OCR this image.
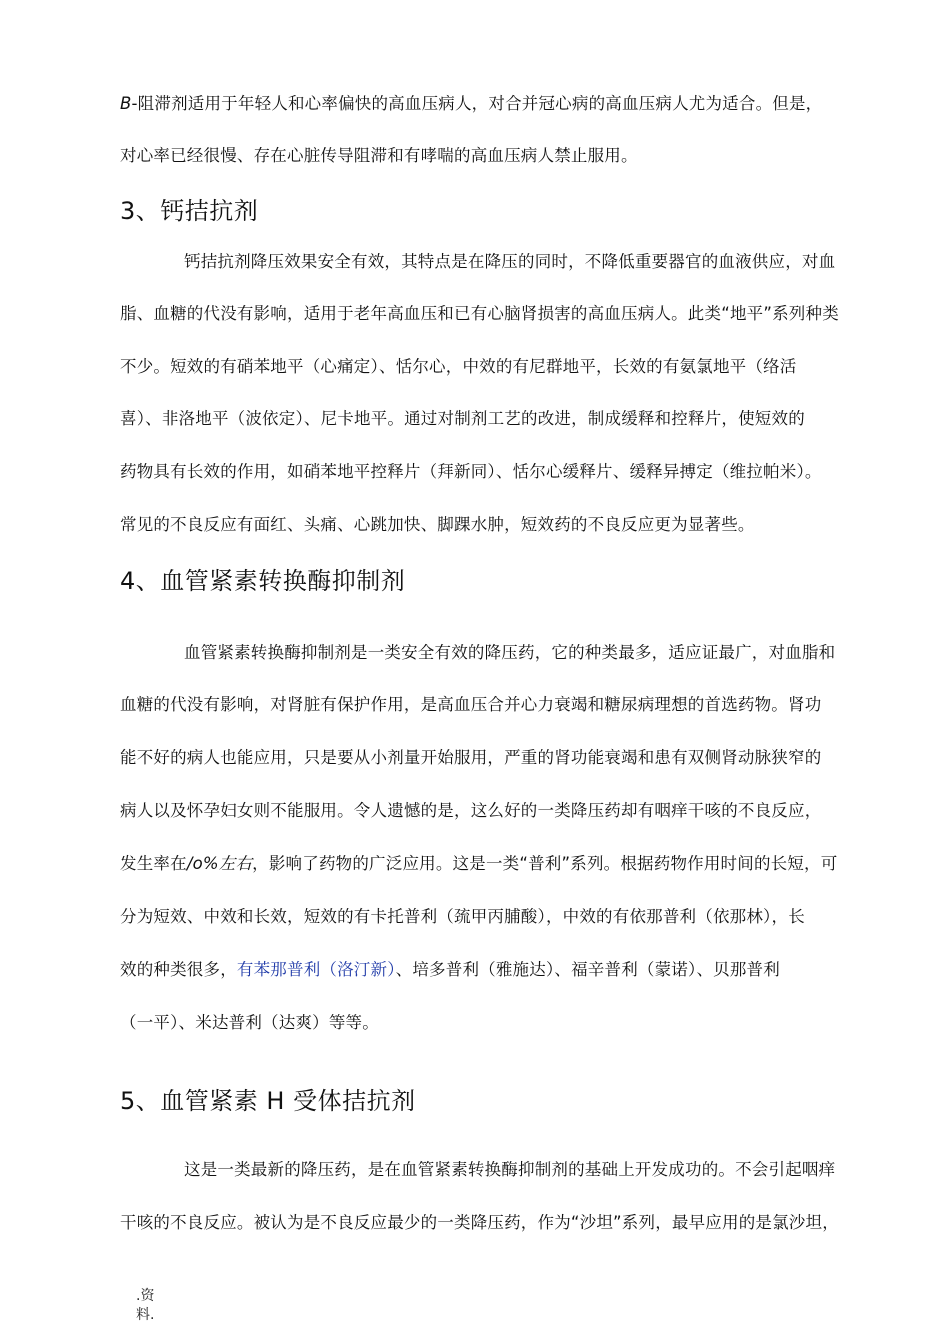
B-阻滞剂适用于年轻人和心率偏快的高血压病人，对合并冠心病的高血压病人尤为适合。但是，
对心率已经很慢、存在心脏传导阻滞和有哮喘的高血压病人禁止服用。
3、钙拮抗剂
钙拮抗剂降压效果安全有效，其特点是在降压的同时，不降低重要器官的血液供应，对血
脂、血糖的代没有影响，适用于老年高血压和已有心脑肾损害的高血压病人。此类“地平”系列种类
不少。短效的有硝苯地平（心痛定）、恬尔心，中效的有尼群地平，长效的有氨氯地平（络活
喜）、非洛地平（波依定）、尼卡地平。通过对制剂工艺的改进，制成缓释和控释片，使短效的
药物具有长效的作用，如硝苯地平控释片（拜新同）、恬尔心缓释片、缓释异搏定（维拉帕米）。
常见的不良反应有面红、头痛、心跳加快、脚踝水肿，短效药的不良反应更为显著些。
4、血管紧素转换酶抑制剂
血管紧素转换酶抑制剂是一类安全有效的降压药，它的种类最多，适应证最广，对血脂和
血糖的代没有影响，对肾脏有保护作用，是高血压合并心力衰竭和糖尿病理想的首选药物。肾功
能不好的病人也能应用，只是要从小剂量开始服用，严重的肾功能衰竭和患有双侧肾动脉狭窄的
病人以及怀孕妇女则不能服用。令人遗憾的是，这么好的一类降压药却有咽痒干咳的不良反应，
发生率在/o%左右，影响了药物的广泛应用。这是一类“普利”系列。根据药物作用时间的长短，可
分为短效、中效和长效，短效的有卡托普利（巯甲丙脯酸），中效的有依那普利（依那林），长
效的种类很多，有苯那普利（洛汀新）、培多普利（雅施达）、福辛普利（蒙诺）、贝那普利
（一平）、米达普利（达爽）等等。
5、血管紧素 H 受体拮抗剂
这是一类最新的降压药，是在血管紧素转换酶抑制剂的基础上开发成功的。不会引起咽痒
干咳的不良反应。被认为是不良反应最少的一类降压药，作为“沙坦”系列，最早应用的是氯沙坦，
.资
料.
